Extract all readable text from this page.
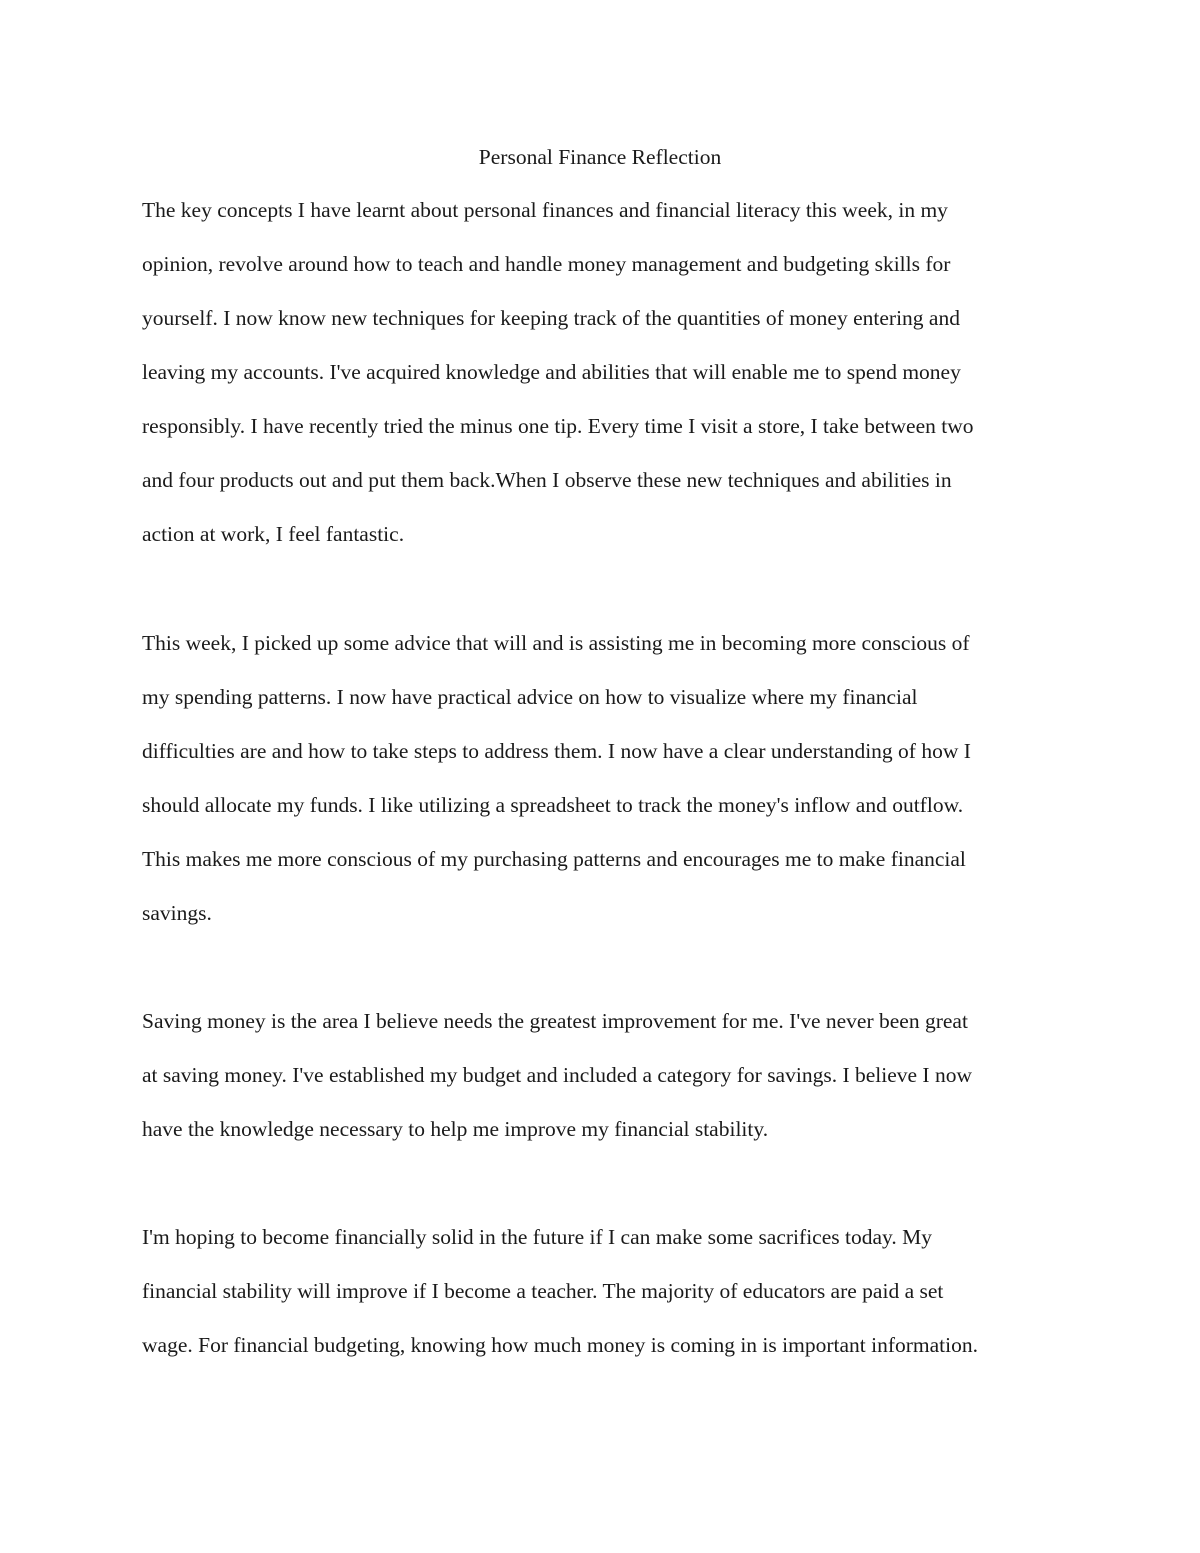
Personal Finance Reflection

The key concepts I have learnt about personal finances and financial literacy this week, in my

opinion, revolve around how to teach and handle money management and budgeting skills for

yourself. I now know new techniques for keeping track of the quantities of money entering and

leaving my accounts. I've acquired knowledge and abilities that will enable me to spend money

responsibly. I have recently tried the minus one tip. Every time I visit a store, I take between two

and four products out and put them back.When I observe these new techniques and abilities in

action at work, I feel fantastic.

This week, I picked up some advice that will and is assisting me in becoming more conscious of

my spending patterns. I now have practical advice on how to visualize where my financial

difficulties are and how to take steps to address them. I now have a clear understanding of how I

should allocate my funds. I like utilizing a spreadsheet to track the money's inflow and outflow.

This makes me more conscious of my purchasing patterns and encourages me to make financial

savings.

Saving money is the area I believe needs the greatest improvement for me. I've never been great

at saving money. I've established my budget and included a category for savings. I believe I now

have the knowledge necessary to help me improve my financial stability.

I'm hoping to become financially solid in the future if I can make some sacrifices today. My

financial stability will improve if I become a teacher. The majority of educators are paid a set

wage. For financial budgeting, knowing how much money is coming in is important information.
